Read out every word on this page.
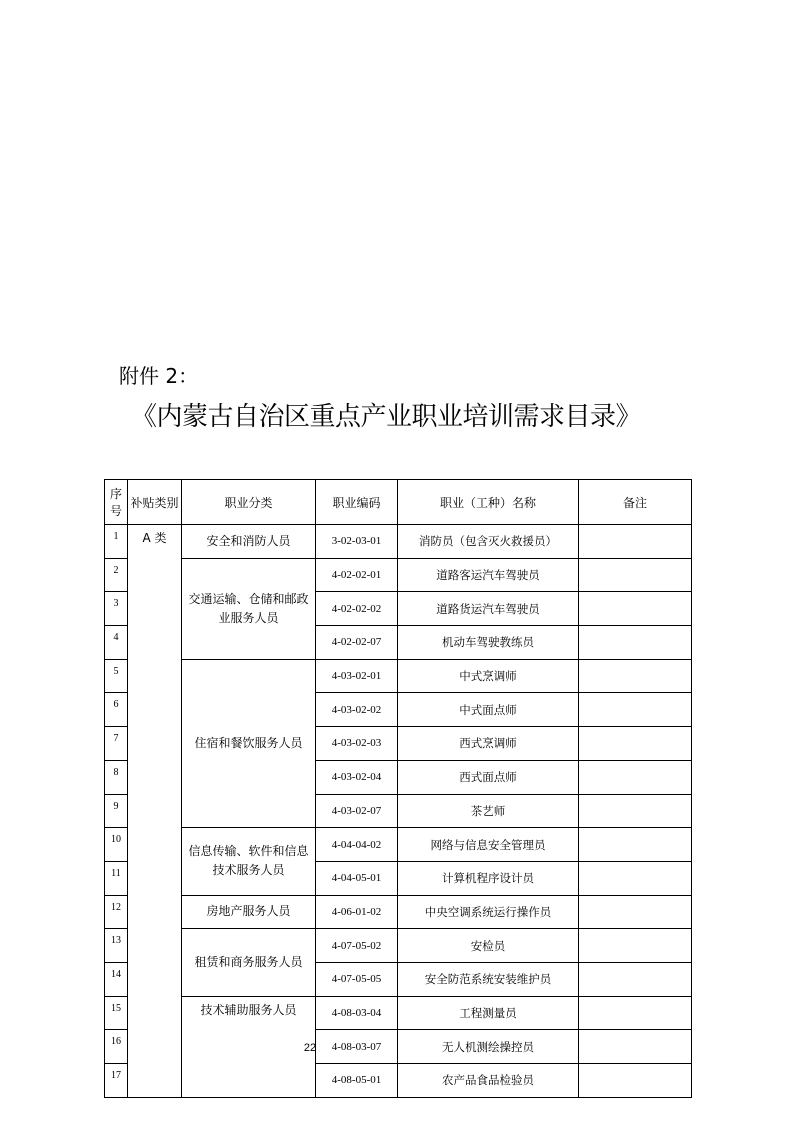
附件 2：
《内蒙古自治区重点产业职业培训需求目录》
序号	补贴类别	职业分类	职业编码	职业（工种）名称	备注
1	A 类	安全和消防人员	3-02-03-01	消防员（包含灭火救援员）	
2		交通运输、仓储和邮政业服务人员	4-02-02-01	道路客运汽车驾驶员	
3			4-02-02-02	道路货运汽车驾驶员	
4			4-02-02-07	机动车驾驶教练员	
5		住宿和餐饮服务人员	4-03-02-01	中式烹调师	
6			4-03-02-02	中式面点师	
7			4-03-02-03	西式烹调师	
8			4-03-02-04	西式面点师	
9			4-03-02-07	茶艺师	
10		信息传输、软件和信息技术服务人员	4-04-04-02	网络与信息安全管理员	
11			4-04-05-01	计算机程序设计员	
12		房地产服务人员	4-06-01-02	中央空调系统运行操作员	
13		租赁和商务服务人员	4-07-05-02	安检员	
14			4-07-05-05	安全防范系统安装维护员	
15		技术辅助服务人员	4-08-03-04	工程测量员	
16			4-08-03-07	无人机测绘操控员	
17			4-08-05-01	农产品食品检验员	
22
